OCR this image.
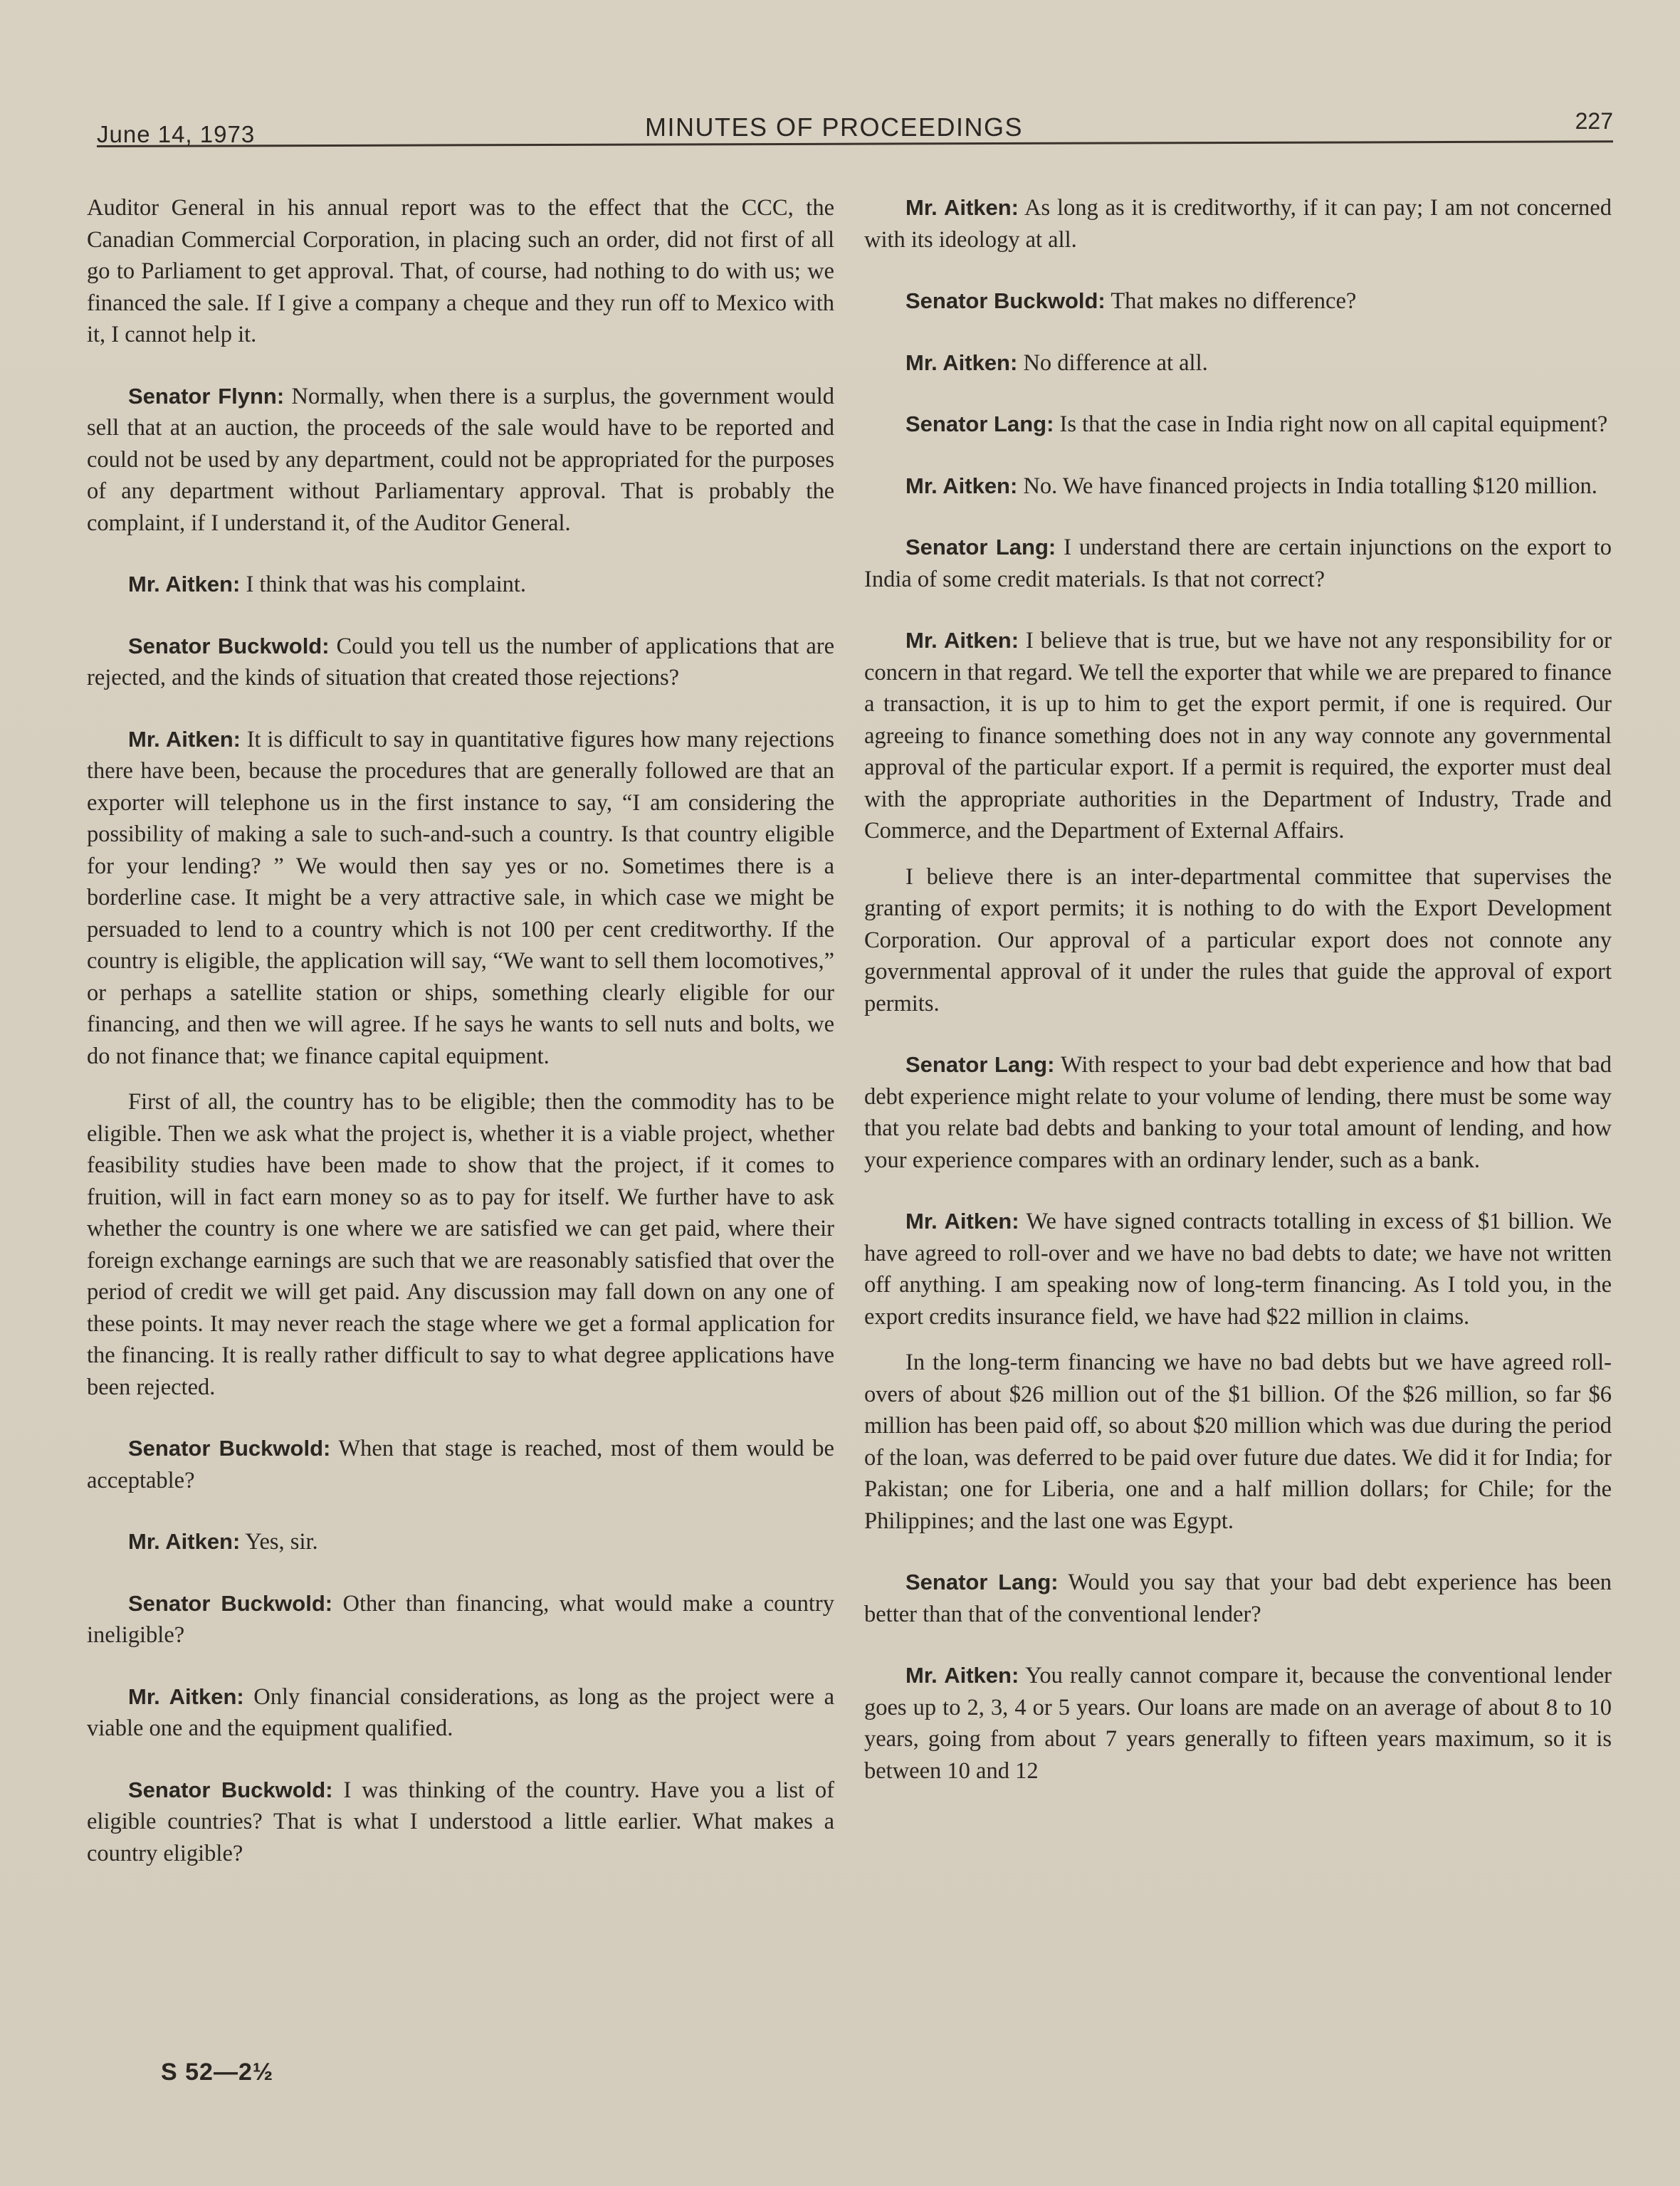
June 14, 1973	MINUTES OF PROCEEDINGS	227

Auditor General in his annual report was to the effect that the CCC, the Canadian Commercial Corporation, in placing such an order, did not first of all go to Parliament to get approval. That, of course, had nothing to do with us; we financed the sale. If I give a company a cheque and they run off to Mexico with it, I cannot help it.

Senator Flynn: Normally, when there is a surplus, the government would sell that at an auction, the proceeds of the sale would have to be reported and could not be used by any department, could not be appropriated for the purposes of any department without Parliamentary approval. That is probably the complaint, if I understand it, of the Auditor General.

Mr. Aitken: I think that was his complaint.

Senator Buckwold: Could you tell us the number of applications that are rejected, and the kinds of situation that created those rejections?

Mr. Aitken: It is difficult to say in quantitative figures how many rejections there have been, because the procedures that are generally followed are that an exporter will telephone us in the first instance to say, “I am considering the possibility of making a sale to such-and-such a country. Is that country eligible for your lending? ” We would then say yes or no. Sometimes there is a borderline case. It might be a very attractive sale, in which case we might be persuaded to lend to a country which is not 100 per cent creditworthy. If the country is eligible, the application will say, “We want to sell them locomotives,” or perhaps a satellite station or ships, something clearly eligible for our financing, and then we will agree. If he says he wants to sell nuts and bolts, we do not finance that; we finance capital equipment.

First of all, the country has to be eligible; then the commodity has to be eligible. Then we ask what the project is, whether it is a viable project, whether feasibility studies have been made to show that the project, if it comes to fruition, will in fact earn money so as to pay for itself. We further have to ask whether the country is one where we are satisfied we can get paid, where their foreign exchange earnings are such that we are reasonably satisfied that over the period of credit we will get paid. Any discussion may fall down on any one of these points. It may never reach the stage where we get a formal application for the financing. It is really rather difficult to say to what degree applications have been rejected.

Senator Buckwold: When that stage is reached, most of them would be acceptable?

Mr. Aitken: Yes, sir.

Senator Buckwold: Other than financing, what would make a country ineligible?

Mr. Aitken: Only financial considerations, as long as the project were a viable one and the equipment qualified.

Senator Buckwold: I was thinking of the country. Have you a list of eligible countries? That is what I understood a little earlier. What makes a country eligible?

Mr. Aitken: As long as it is creditworthy, if it can pay; I am not concerned with its ideology at all.

Senator Buckwold: That makes no difference?

Mr. Aitken: No difference at all.

Senator Lang: Is that the case in India right now on all capital equipment?

Mr. Aitken: No. We have financed projects in India totalling $120 million.

Senator Lang: I understand there are certain injunctions on the export to India of some credit materials. Is that not correct?

Mr. Aitken: I believe that is true, but we have not any responsibility for or concern in that regard. We tell the exporter that while we are prepared to finance a transaction, it is up to him to get the export permit, if one is required. Our agreeing to finance something does not in any way connote any governmental approval of the particular export. If a permit is required, the exporter must deal with the appropriate authorities in the Department of Industry, Trade and Commerce, and the Department of External Affairs.

I believe there is an inter-departmental committee that supervises the granting of export permits; it is nothing to do with the Export Development Corporation. Our approval of a particular export does not connote any governmental approval of it under the rules that guide the approval of export permits.

Senator Lang: With respect to your bad debt experience and how that bad debt experience might relate to your volume of lending, there must be some way that you relate bad debts and banking to your total amount of lending, and how your experience compares with an ordinary lender, such as a bank.

Mr. Aitken: We have signed contracts totalling in excess of $1 billion. We have agreed to roll-over and we have no bad debts to date; we have not written off anything. I am speaking now of long-term financing. As I told you, in the export credits insurance field, we have had $22 million in claims.

In the long-term financing we have no bad debts but we have agreed roll-overs of about $26 million out of the $1 billion. Of the $26 million, so far $6 million has been paid off, so about $20 million which was due during the period of the loan, was deferred to be paid over future due dates. We did it for India; for Pakistan; one for Liberia, one and a half million dollars; for Chile; for the Philippines; and the last one was Egypt.

Senator Lang: Would you say that your bad debt experience has been better than that of the conventional lender?

Mr. Aitken: You really cannot compare it, because the conventional lender goes up to 2, 3, 4 or 5 years. Our loans are made on an average of about 8 to 10 years, going from about 7 years generally to fifteen years maximum, so it is between 10 and 12

S 52—2½
